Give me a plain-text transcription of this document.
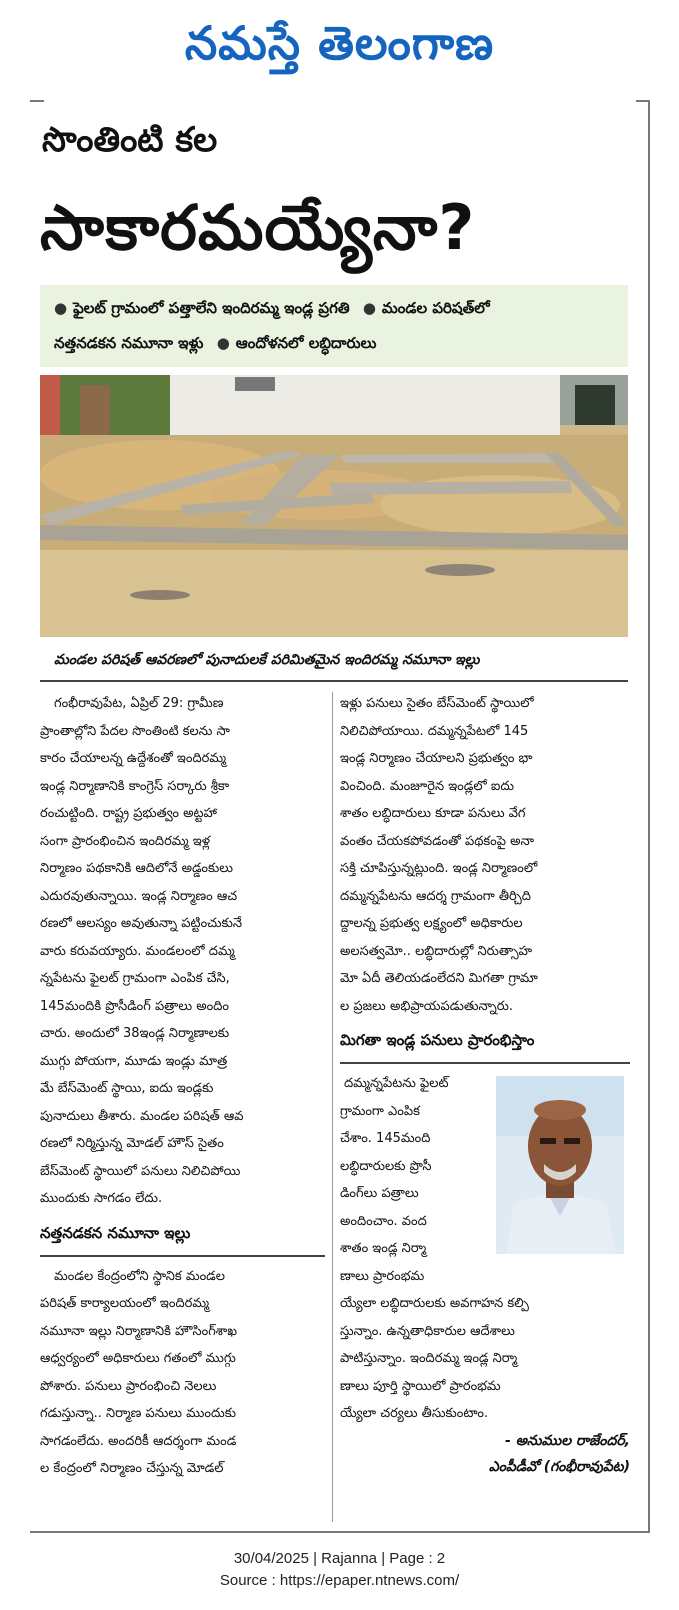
నమస్తే తెలంగాణ
సొంతింటి కల
సాకారమయ్యేనా?
● ఫైలట్ గ్రామంలో పత్తాలేని ఇందిరమ్మ ఇండ్ల ప్రగతి ● మండల పరిషత్‌లో
నత్తనడకన నమూనా ఇళ్లు ● ఆందోళనలో లబ్ధిదారులు
మండల పరిషత్ ఆవరణలో పునాదులకే పరిమితమైన ఇందిరమ్మ నమూనా ఇల్లు
గంభీరావుపేట, ఏప్రిల్ 29: గ్రామీణ
ప్రాంతాల్లోని పేదల సొంతింటి కలను సా
కారం చేయాలన్న ఉద్దేశంతో ఇందిరమ్మ
ఇండ్ల నిర్మాణానికి కాంగ్రెస్ సర్కారు శ్రీకా
రంచుట్టింది. రాష్ట్ర ప్రభుత్వం అట్టహా
సంగా ప్రారంభించిన ఇందిరమ్మ ఇళ్ల
నిర్మాణం పథకానికి ఆదిలోనే అడ్డంకులు
ఎదురవుతున్నాయి. ఇండ్ల నిర్మాణం ఆచ
రణలో ఆలస్యం అవుతున్నా పట్టించుకునే
వారు కరువయ్యారు. మండలంలో దమ్మ
న్నపేటను ఫైలట్ గ్రామంగా ఎంపిక చేసి,
145మందికి ప్రొసీడింగ్ పత్రాలు అందిం
చారు. అందులో 38ఇండ్ల నిర్మాణాలకు
ముగ్గు పోయగా, మూడు ఇండ్లు మాత్ర
మే బేస్‌మెంట్ స్థాయి, ఐదు ఇండ్లకు
పునాదులు తీశారు. మండల పరిషత్ ఆవ
రణలో నిర్మిస్తున్న మోడల్ హౌస్ సైతం
బేస్‌మెంట్ స్థాయిలో పనులు నిలిచిపోయి
ముందుకు సాగడం లేదు.
నత్తనడకన నమూనా ఇల్లు
మండల కేంద్రంలోని స్థానిక మండల
పరిషత్ కార్యాలయంలో ఇందిరమ్మ
నమూనా ఇల్లు నిర్మాణానికి హౌసింగ్‌శాఖ
ఆధ్వర్యంలో అధికారులు గతంలో ముగ్గు
పోశారు. పనులు ప్రారంభించి నెలలు
గడుస్తున్నా.. నిర్మాణ పనులు ముందుకు
సాగడంలేదు. అందరికీ ఆదర్శంగా మండ
ల కేంద్రంలో నిర్మాణం చేస్తున్న మోడల్
ఇళ్లు పనులు సైతం బేస్‌మెంట్ స్థాయిలో
నిలిచిపోయాయి. దమ్మన్నపేటలో 145
ఇండ్ల నిర్మాణం చేయాలని ప్రభుత్వం భా
వించింది. మంజూరైన ఇండ్లలో ఐదు
శాతం లబ్ధిదారులు కూడా పనులు వేగ
వంతం చేయకపోవడంతో పథకంపై అనా
సక్తి చూపిస్తున్నట్లుంది. ఇండ్ల నిర్మాణంలో
దమ్మన్నపేటను ఆదర్శ గ్రామంగా తీర్చిది
ద్దాలన్న ప్రభుత్వ లక్ష్యంలో అధికారుల
అలసత్వమో.. లబ్ధిదారుల్లో నిరుత్సాహ
మో ఏదీ తెలియడంలేదని మిగతా గ్రామా
ల ప్రజలు అభిప్రాయపడుతున్నారు.
మిగతా ఇండ్ల పనులు ప్రారంభిస్తాం
దమ్మన్నపేటను ఫైలట్
గ్రామంగా ఎంపిక
చేశాం. 145మంది
లబ్ధిదారులకు ప్రొసీ
డింగ్‌లు పత్రాలు
అందించాం. వంద
శాతం ఇండ్ల నిర్మా
ణాలు ప్రారంభమ
య్యేలా లబ్ధిదారులకు అవగాహన కల్పి
స్తున్నాం. ఉన్నతాధికారుల ఆదేశాలు
పాటిస్తున్నాం. ఇందిరమ్మ ఇండ్ల నిర్మా
ణాలు పూర్తి స్థాయిలో ప్రారంభమ
య్యేలా చర్యలు తీసుకుంటాం.
- అనుముల రాజేందర్,
ఎంపీడీవో (గంభీరావుపేట)
30/04/2025 | Rajanna | Page : 2
Source : https://epaper.ntnews.com/
